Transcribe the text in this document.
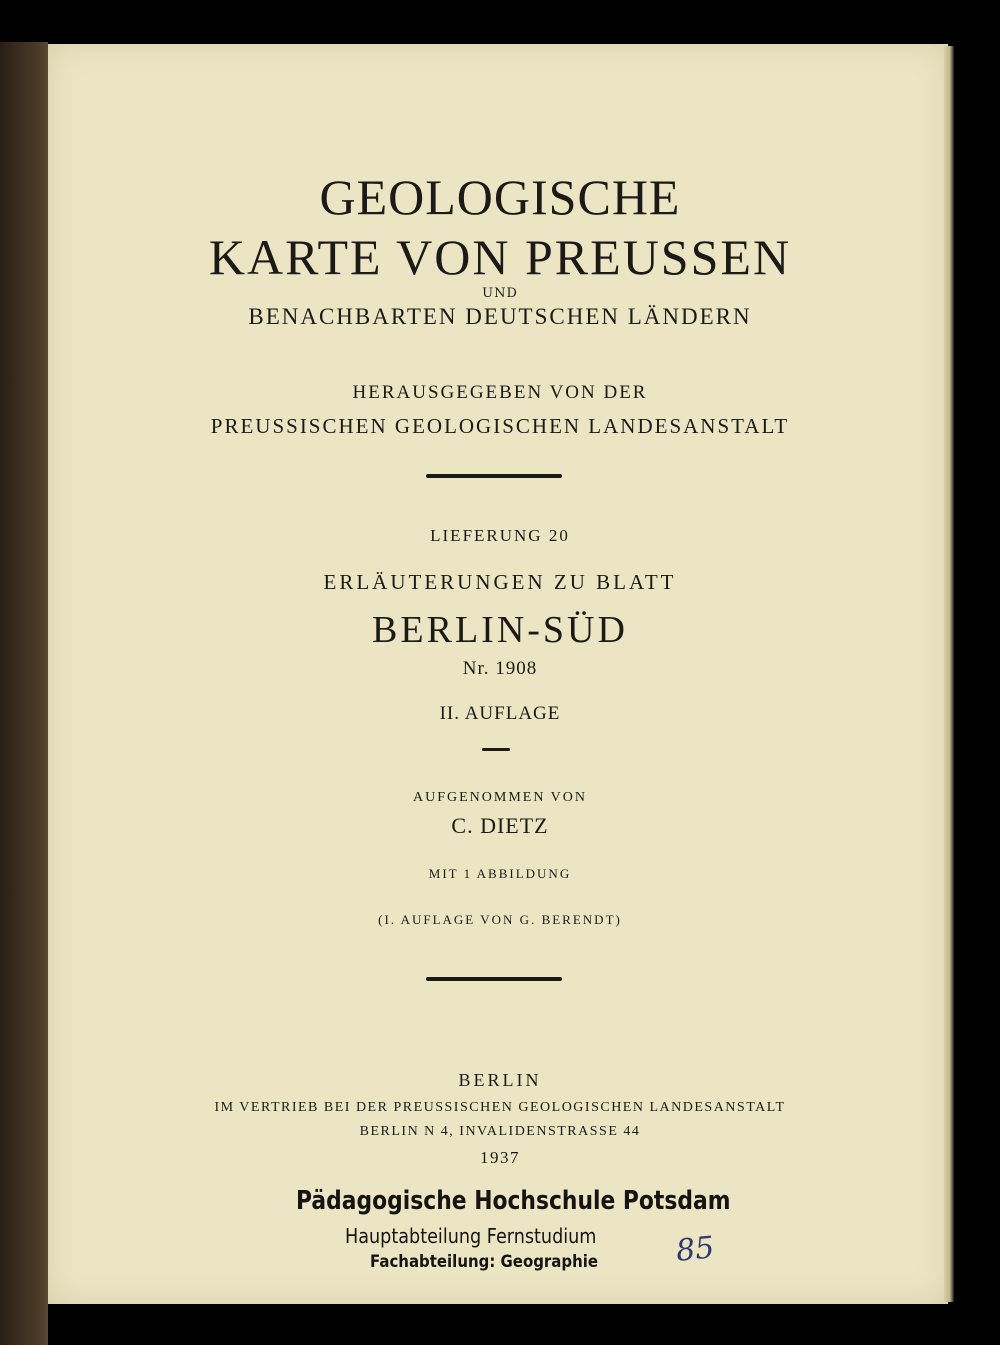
GEOLOGISCHE
KARTE VON PREUSSEN
UND
BENACHBARTEN DEUTSCHEN LÄNDERN
HERAUSGEGEBEN VON DER
PREUSSISCHEN GEOLOGISCHEN LANDESANSTALT
LIEFERUNG 20
ERLÄUTERUNGEN ZU BLATT
BERLIN-SÜD
Nr. 1908
II. AUFLAGE
AUFGENOMMEN VON
C. DIETZ
MIT 1 ABBILDUNG
(I. AUFLAGE VON G. BERENDT)
BERLIN
IM VERTRIEB BEI DER PREUSSISCHEN GEOLOGISCHEN LANDESANSTALT
BERLIN N 4, INVALIDENSTRASSE 44
1937
Pädagogische Hochschule Potsdam
Hauptabteilung Fernstudium
Fachabteilung: Geographie	85
